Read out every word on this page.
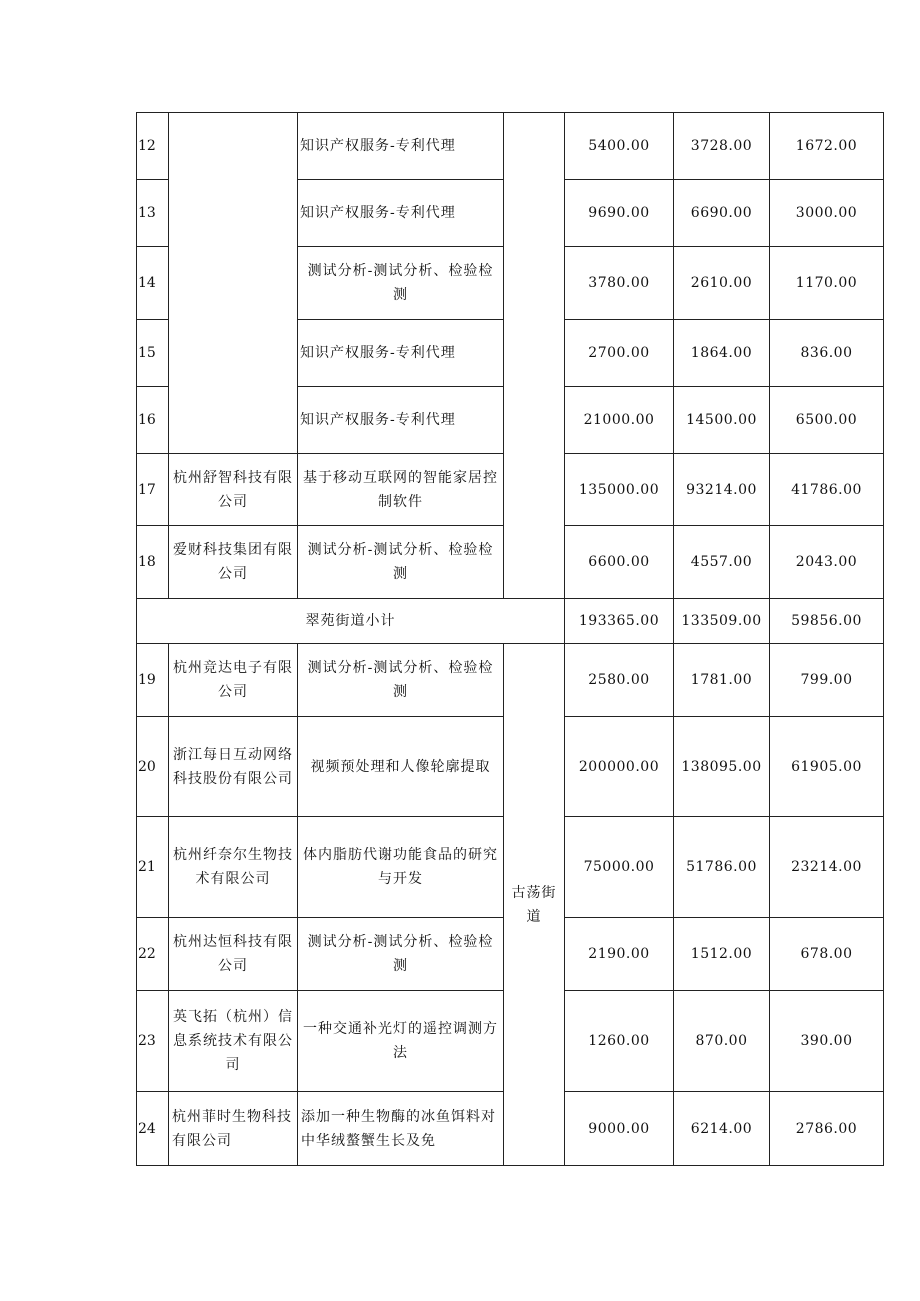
12		知识产权服务-专利代理		5400.00	3728.00	1672.00
13		知识产权服务-专利代理		9690.00	6690.00	3000.00
14		测试分析-测试分析、检验检测		3780.00	2610.00	1170.00
15		知识产权服务-专利代理		2700.00	1864.00	836.00
16		知识产权服务-专利代理		21000.00	14500.00	6500.00
17	杭州舒智科技有限公司	基于移动互联网的智能家居控制软件		135000.00	93214.00	41786.00
18	爱财科技集团有限公司	测试分析-测试分析、检验检测		6600.00	4557.00	2043.00
翠苑街道小计				193365.00	133509.00	59856.00
19	杭州竞达电子有限公司	测试分析-测试分析、检验检测	古荡街道	2580.00	1781.00	799.00
20	浙江每日互动网络科技股份有限公司	视频预处理和人像轮廓提取		200000.00	138095.00	61905.00
21	杭州纤奈尔生物技术有限公司	体内脂肪代谢功能食品的研究与开发		75000.00	51786.00	23214.00
22	杭州达恒科技有限公司	测试分析-测试分析、检验检测		2190.00	1512.00	678.00
23	英飞拓（杭州）信息系统技术有限公司	一种交通补光灯的遥控调测方法		1260.00	870.00	390.00
24	杭州菲时生物科技有限公司	添加一种生物酶的冰鱼饵料对中华绒螯蟹生长及免		9000.00	6214.00	2786.00
